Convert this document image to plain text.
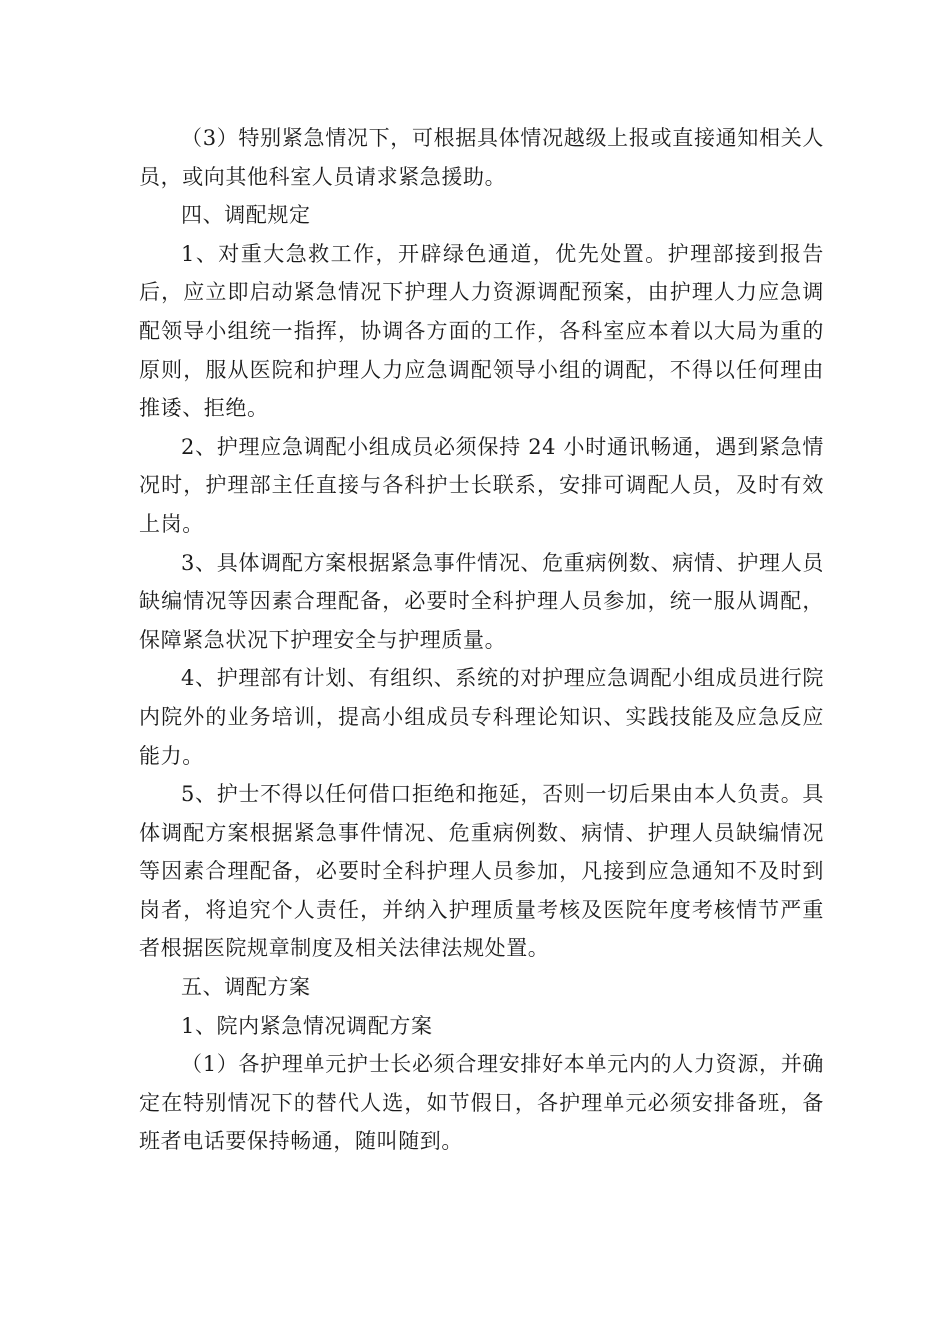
（3）特别紧急情况下，可根据具体情况越级上报或直接通知相关人员，或向其他科室人员请求紧急援助。

四、调配规定

1、对重大急救工作，开辟绿色通道，优先处置。护理部接到报告后，应立即启动紧急情况下护理人力资源调配预案，由护理人力应急调配领导小组统一指挥，协调各方面的工作，各科室应本着以大局为重的原则，服从医院和护理人力应急调配领导小组的调配，不得以任何理由推诿、拒绝。

2、护理应急调配小组成员必须保持 24 小时通讯畅通，遇到紧急情况时，护理部主任直接与各科护士长联系，安排可调配人员，及时有效上岗。

3、具体调配方案根据紧急事件情况、危重病例数、病情、护理人员缺编情况等因素合理配备，必要时全科护理人员参加，统一服从调配，保障紧急状况下护理安全与护理质量。

4、护理部有计划、有组织、系统的对护理应急调配小组成员进行院内院外的业务培训，提高小组成员专科理论知识、实践技能及应急反应能力。

5、护士不得以任何借口拒绝和拖延，否则一切后果由本人负责。具体调配方案根据紧急事件情况、危重病例数、病情、护理人员缺编情况等因素合理配备，必要时全科护理人员参加，凡接到应急通知不及时到岗者，将追究个人责任，并纳入护理质量考核及医院年度考核情节严重者根据医院规章制度及相关法律法规处置。

五、调配方案

1、院内紧急情况调配方案

（1）各护理单元护士长必须合理安排好本单元内的人力资源，并确定在特别情况下的替代人选，如节假日，各护理单元必须安排备班，备班者电话要保持畅通，随叫随到。
